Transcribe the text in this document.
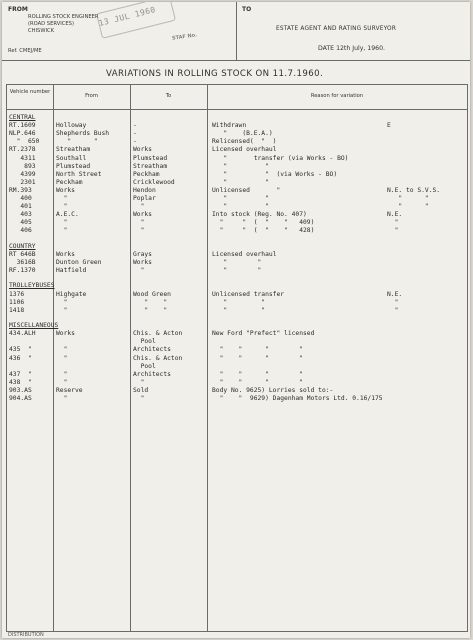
FROM
ROLLING STOCK ENGINEER
(ROAD SERVICES)
CHISWICK
Ref. CMEJ/ME
13 JUL 1960
STAF No.
TO
ESTATE AGENT AND RATING SURVEYOR
DATE 12th July, 1960.
VARIATIONS IN ROLLING STOCK ON 11.7.1960.
Vehicle number
From	To	Reason for variation
CENTRAL
RT.1609	Holloway	-	Withdrawn	E
NLP.646	Shepherds Bush	-	"    (B.E.A.)
"  650	"      "	-	Relicensed(  "  )
RT.2378	Streatham	Works	Licensed overhaul
4311	Southall	Plumstead	"       transfer (via Works - BO)
893	Plumstead	Streatham	"          "
4399	North Street	Peckham	"          "  (via Works - BO)
2301	Peckham	Cricklewood	"          "
RM.393	Works	Hendon	Unlicensed       "	N.E. to S.V.S.
400	"	Poplar	"          "	"      "
401	"	"	"          "	"      "
403	A.E.C.	Works	Into stock (Reg. No. 407)	N.E.
405	"	"	"     "  (  "    "   409)	"
406	"	"	"     "  (  "    "   428)	"
COUNTRY
RT 646B	Works	Grays	Licensed overhaul
3616B	Dunton Green	Works	"        "
RF.1370	Hatfield	"	"        "
TROLLEYBUSES
1376	Highgate	Wood Green	Unlicensed transfer	N.E.
1106	"	"    "	"         "	"
1418	"	"    "	"         "	"
MISCELLANEOUS
434.ALH	Works	Chis. & Acton	New Ford "Prefect" licensed
Pool
435  "	"	Architects	"    "      "        "
436  "	"	Chis. & Acton	"    "      "        "
Pool
437  "	"	Architects	"    "      "        "
438  "	"	"	"    "      "        "
903.AS	Reserve	Sold	Body No. 9625) Lorries sold to:-
904.AS	"	"	"    "  9629) Dagenham Motors Ltd. 0.16/175
DISTRIBUTION
